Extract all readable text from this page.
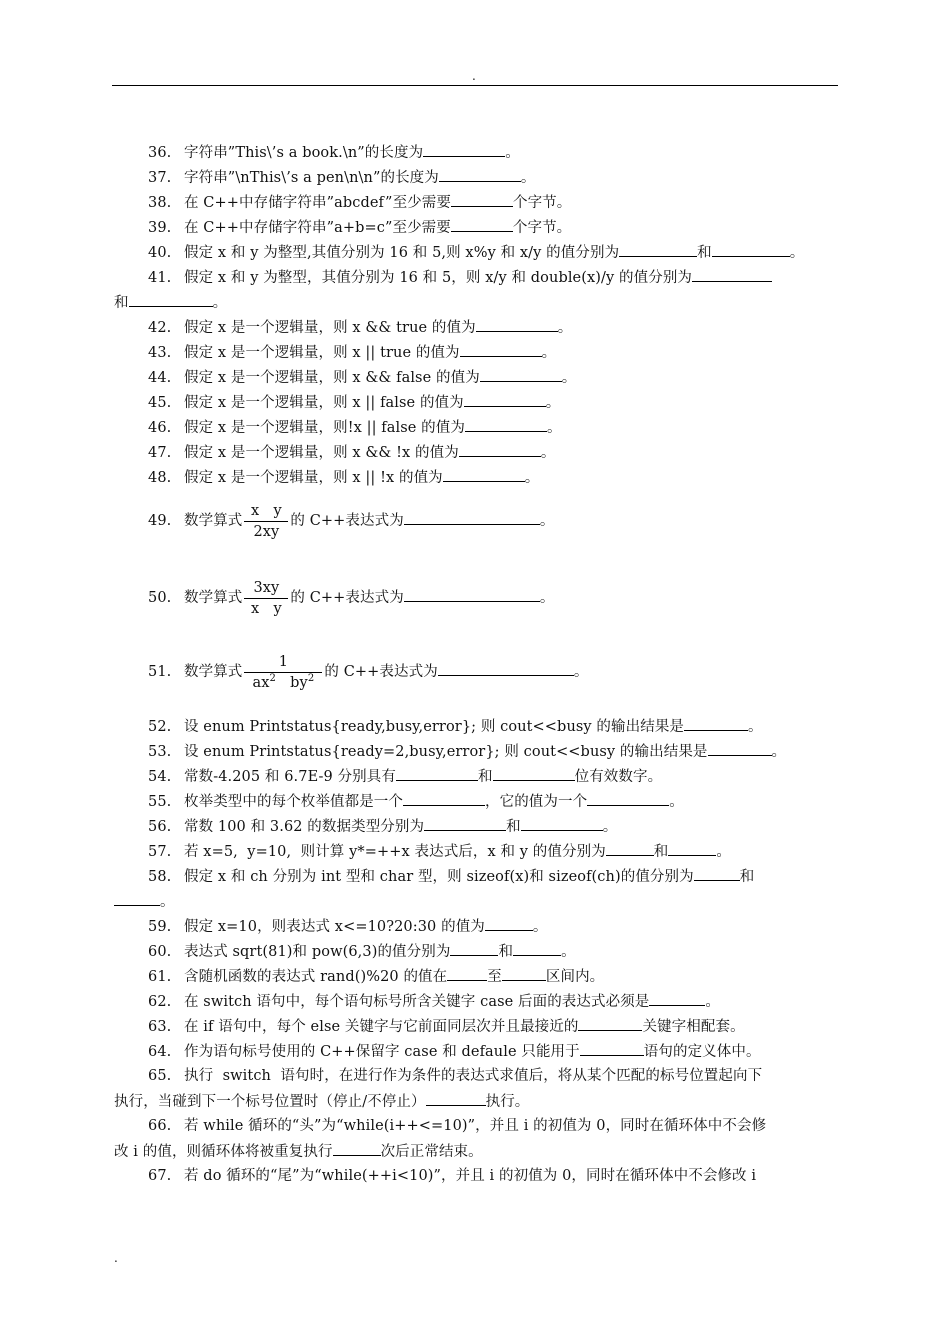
.
36. 字符串”This\’s a book.\n”的长度为	。
37. 字符串”\nThis\’s a pen\n\n”的长度为	。
38. 在 C++中存储字符串”abcdef”至少需要	个字节。
39. 在 C++中存储字符串”a+b=c”至少需要	个字节。
40. 假定 x 和 y 为整型,其值分别为 16 和 5,则 x%y 和 x/y 的值分别为	和	。
41. 假定 x 和 y 为整型，其值分别为 16 和 5，则 x/y 和 double(x)/y 的值分别为
和	。
42. 假定 x 是一个逻辑量，则 x && true 的值为	。
43. 假定 x 是一个逻辑量，则 x || true 的值为	。
44. 假定 x 是一个逻辑量，则 x && false 的值为	。
45. 假定 x 是一个逻辑量，则 x || false 的值为	。
46. 假定 x 是一个逻辑量，则!x || false 的值为	。
47. 假定 x 是一个逻辑量，则 x && !x 的值为	。
48. 假定 x 是一个逻辑量，则 x || !x 的值为	。
49. 数学算式 $\frac{\text{x   y}}{2xy}$ 的 C++表达式为	。
50. 数学算式 $\frac{3xy}{\text{x   y}}$ 的 C++表达式为	。
51. 数学算式 $\frac{1}{ax^2 by^2}$ 的 C++表达式为	。
52. 设 enum Printstatus{ready,busy,error}; 则 cout<<busy 的输出结果是	。
53. 设 enum Printstatus{ready=2,busy,error}; 则 cout<<busy 的输出结果是	。
54. 常数-4.205 和 6.7E-9 分别具有	和	位有效数字。
55. 枚举类型中的每个枚举值都是一个	，它的值为一个	。
56. 常数 100 和 3.62 的数据类型分别为	和	。
57. 若 x=5,  y=10,  则计算 y*=++x 表达式后，x 和 y 的值分别为	和	。
58. 假定 x 和 ch 分别为 int 型和 char 型，则 sizeof(x)和 sizeof(ch)的值分别为	和
。
59. 假定 x=10，则表达式 x<=10?20:30 的值为	。
60. 表达式 sqrt(81)和 pow(6,3)的值分别为	和	。
61. 含随机函数的表达式 rand()%20 的值在	至	区间内。
62. 在 switch 语句中，每个语句标号所含关键字 case 后面的表达式必须是	。
63. 在 if 语句中，每个 else 关键字与它前面同层次并且最接近的	关键字相配套。
64. 作为语句标号使用的 C++保留字 case 和 defaule 只能用于	语句的定义体中。
65. 执行  switch  语句时，在进行作为条件的表达式求值后，将从某个匹配的标号位置起向下
执行，当碰到下一个标号位置时（停止/不停止）	执行。
66. 若 while 循环的“头”为“while(i++<=10)”，并且 i 的初值为 0，同时在循环体中不会修
改 i 的值，则循环体将被重复执行	次后正常结束。
67. 若 do 循环的“尾”为“while(++i<10)”，并且 i 的初值为 0，同时在循环体中不会修改 i
.
